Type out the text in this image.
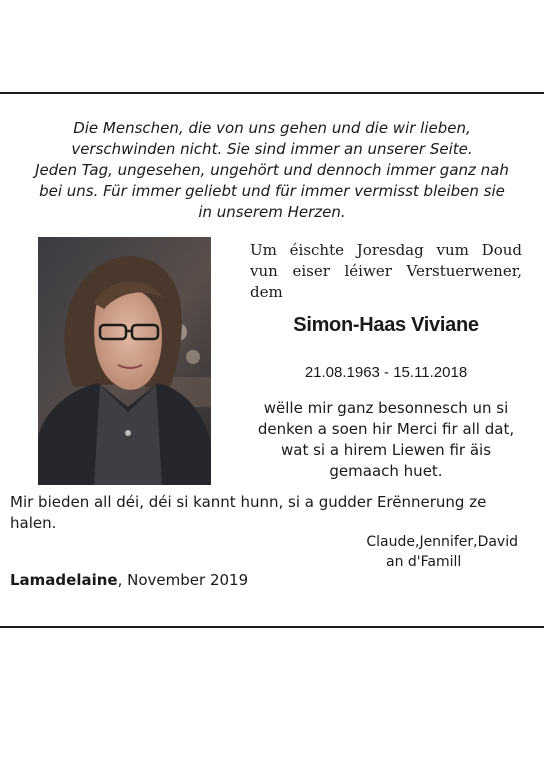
Die Menschen, die von uns gehen und die wir lieben,
verschwinden nicht. Sie sind immer an unserer Seite.
Jeden Tag, ungesehen, ungehört und dennoch immer ganz nah
bei uns. Für immer geliebt und für immer vermisst bleiben sie
in unserem Herzen.
Um éischte Joresdag vum Doud
vun eiser léiwer Verstuerwener,
dem
Simon-Haas Viviane
21.08.1963 - 15.11.2018
wëlle mir ganz besonnesch un si
denken a soen hir Merci fir all dat,
wat si a hirem Liewen fir äis
gemaach huet.
Mir bieden all déi, déi si kannt hunn, si a gudder Erënnerung ze
halen.
Claude,Jennifer,David
an d'Famill
Lamadelaine, November 2019
